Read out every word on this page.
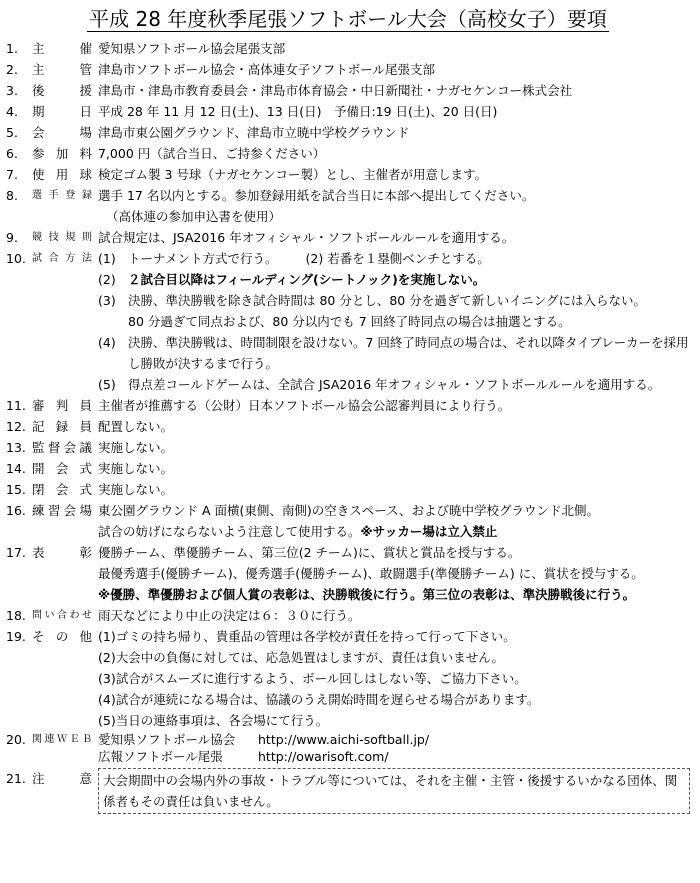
平成 28 年度秋季尾張ソフトボール大会（高校女子）要項
1.	主　　催 愛知県ソフトボール協会尾張支部
2.	主　　管 津島市ソフトボール協会・高体連女子ソフトボール尾張支部
3.	後　　援 津島市・津島市教育委員会・津島市体育協会・中日新聞社・ナガセケンコー株式会社
4.	期　　日 平成 28 年 11 月 12 日(土)、13 日(日)　予備日:19 日(土)、20 日(日)
5.	会　　場 津島市東公園グラウンド、津島市立暁中学校グラウンド
6.	参 加 料 7,000 円（試合当日、ご持参ください）
7.	使 用 球 検定ゴム製 3 号球（ナガセケンコー製）とし、主催者が用意します。
8.	選手登録 選手 17 名以内とする。参加登録用紙を試合当日に本部へ提出してください。
（高体連の参加申込書を使用）
9.	競技規則 試合規定は、JSA2016 年オフィシャル・ソフトボールルールを適用する。
10. 試合方法 (1) トーナメント方式で行う。 (2) 若番を１塁側ベンチとする。
(2) ２試合目以降はフィールディング(シートノック)を実施しない。
(3) 決勝、準決勝戦を除き試合時間は 80 分とし、80 分を過ぎて新しいイニングには入らない。
80 分過ぎて同点および、80 分以内でも 7 回終了時同点の場合は抽選とする。
(4) 決勝、準決勝戦は、時間制限を設けない。7 回終了時同点の場合は、それ以降タイブレーカーを採用し勝敗が決するまで行う。
(5) 得点差コールドゲームは、全試合 JSA2016 年オフィシャル・ソフトボールルールを適用する。
11. 審 判 員 主催者が推薦する（公財）日本ソフトボール協会公認審判員により行う。
12. 記 録 員 配置しない。
13. 監督会議 実施しない。
14. 開 会 式 実施しない。
15. 閉 会 式 実施しない。
16. 練習会場 東公園グラウンド A 面横(東側、南側)の空きスペース、および暁中学校グラウンド北側。
試合の妨げにならないよう注意して使用する。※サッカー場は立入禁止
17. 表　　彰 優勝チーム、準優勝チーム、第三位(2 チーム)に、賞状と賞品を授与する。
最優秀選手(優勝チーム)、優秀選手(優勝チーム)、敢闘選手(準優勝チーム) に、賞状を授与する。
※優勝、準優勝および個人賞の表彰は、決勝戦後に行う。第三位の表彰は、準決勝戦後に行う。
18. 問い合わせ 雨天などにより中止の決定は６：３０に行う。
19. そ の 他 (1)ゴミの持ち帰り、貴重品の管理は各学校が責任を持って行って下さい。
(2)大会中の負傷に対しては、応急処置はしますが、責任は負いません。
(3)試合がスムーズに進行するよう、ボール回しはしない等、ご協力下さい。
(4)試合が連続になる場合は、協議のうえ開始時間を遅らせる場合があります。
(5)当日の連絡事項は、各会場にて行う。
20. 関連ＷＥＢ 愛知県ソフトボール協会	http://www.aichi-softball.jp/
広報ソフトボール尾張	http://owarisoft.com/
21. 注　　意 大会期間中の会場内外の事故・トラブル等については、それを主催・主管・後援するいかなる団体、関係者もその責任は負いません。
